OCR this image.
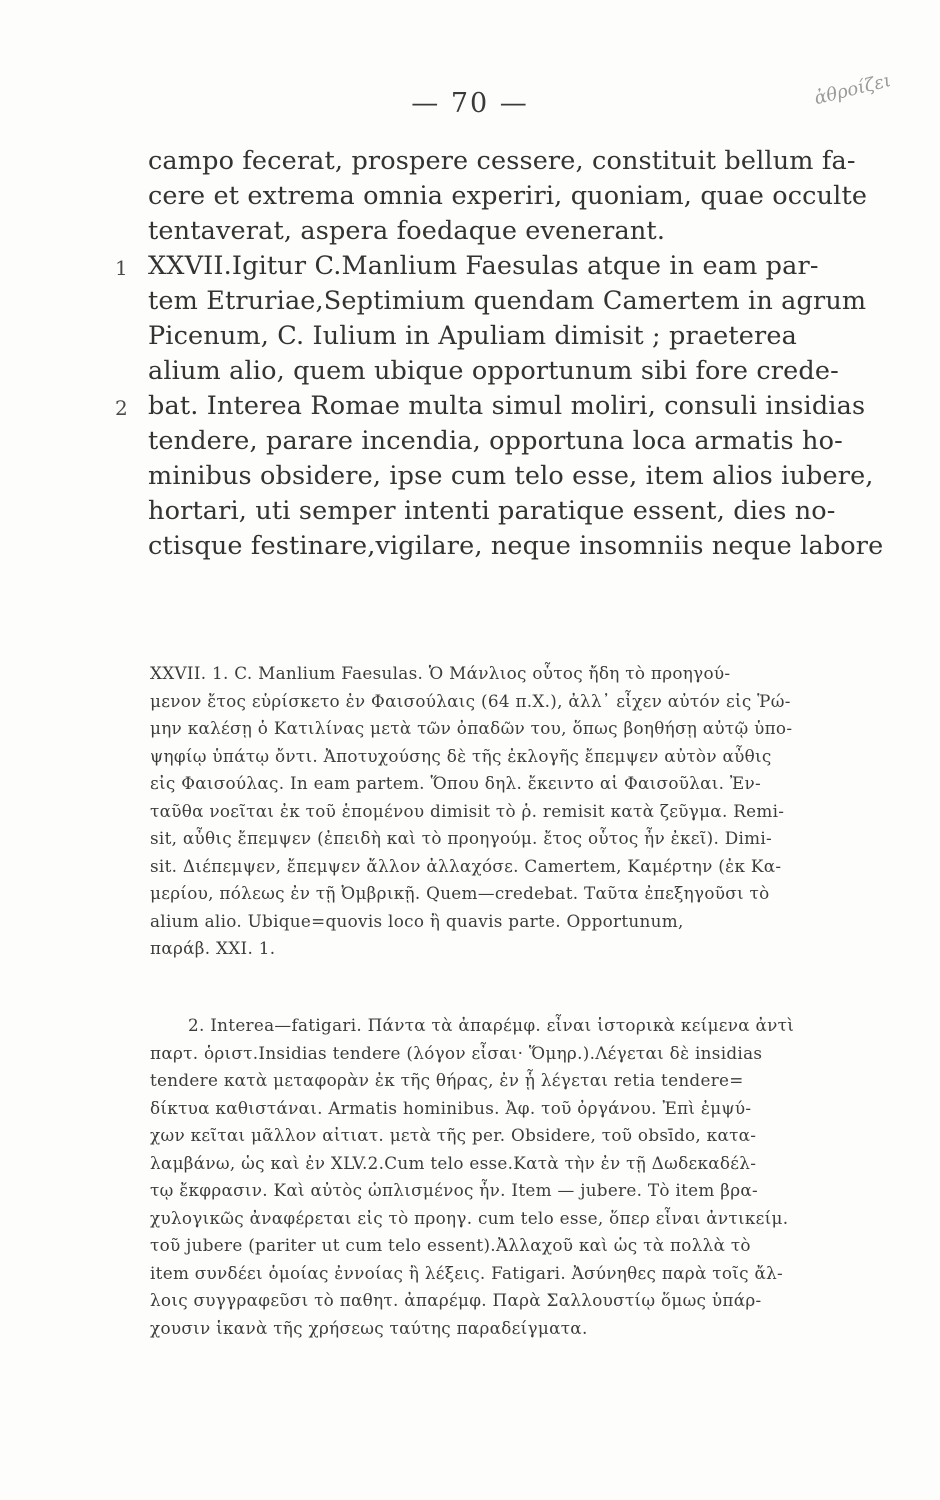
ἀθροίζει
— 70 —
campo fecerat, prospere cessere, constituit bellum fa-
cere et extrema omnia experiri, quoniam, quae occulte
tentaverat, aspera foedaque evenerant.
1 XXVII.Igitur C.Manlium Faesulas atque in eam par-
tem Etruriae,Septimium quendam Camertem in agrum
Picenum, C. Iulium in Apuliam dimisit ; praeterea
alium alio, quem ubique opportunum sibi fore crede-
2 bat. Interea Romae multa simul moliri, consuli insidias
tendere, parare incendia, opportuna loca armatis ho-
minibus obsidere, ipse cum telo esse, item alios iubere,
hortari, uti semper intenti paratique essent, dies no-
ctisque festinare,vigilare, neque insomniis neque labore
XXVII. 1. C. Manlium Faesulas. Ὁ Μάνλιος οὗτος ἤδη τὸ προηγού-
μενον ἔτος εὑρίσκετο ἐν Φαισούλαις (64 π.Χ.), ἀλλ᾽ εἶχεν αὐτόν εἰς Ῥώ-
μην καλέσῃ ὁ Κατιλίνας μετὰ τῶν ὀπαδῶν του, ὅπως βοηθήσῃ αὐτῷ ὑπο-
ψηφίῳ ὑπάτῳ ὄντι. Ἀποτυχούσης δὲ τῆς ἐκλογῆς ἔπεμψεν αὐτὸν αὖθις
εἰς Φαισούλας. In eam partem. Ὅπου δηλ. ἔκειντο αἱ Φαισοῦλαι. Ἐν-
ταῦθα νοεῖται ἐκ τοῦ ἑπομένου dimisit τὸ ῥ. remisit κατὰ ζεῦγμα. Remi-
sit, αὖθις ἔπεμψεν (ἐπειδὴ καὶ τὸ προηγούμ. ἔτος οὗτος ἦν ἐκεῖ). Dimi-
sit. Διέπεμψεν, ἔπεμψεν ἄλλον ἀλλαχόσε. Camertem, Καμέρτην (ἐκ Κα-
μερίου, πόλεως ἐν τῇ Ὀμβρικῇ. Quem—credebat. Ταῦτα ἐπεξηγοῦσι τὸ
alium alio. Ubique=quovis loco ἢ quavis parte. Opportunum,
παράβ. XXI. 1.
2. Interea—fatigari. Πάντα τὰ ἀπαρέμφ. εἶναι ἱστορικὰ κείμενα ἀντὶ
παρτ. ὁριστ.Insidias tendere (λόγον εἶσαι· Ὅμηρ.).Λέγεται δὲ insidias
tendere κατὰ μεταφορὰν ἐκ τῆς θήρας, ἐν ᾗ λέγεται retia tendere=
δίκτυα καθιστάναι. Armatis hominibus. Ἀφ. τοῦ ὀργάνου. Ἐπὶ ἐμψύ-
χων κεῖται μᾶλλον αἰτιατ. μετὰ τῆς per. Obsidere, τοῦ obsīdo, κατα-
λαμβάνω, ὡς καὶ ἐν XLV.2.Cum telo esse.Κατὰ τὴν ἐν τῇ Δωδεκαδέλ-
τῳ ἔκφρασιν. Καὶ αὐτὸς ὡπλισμένος ἦν. Item — jubere. Τὸ item βρα-
χυλογικῶς ἀναφέρεται εἰς τὸ προηγ. cum telo esse, ὅπερ εἶναι ἀντικείμ.
τοῦ jubere (pariter ut cum telo essent).Ἀλλαχοῦ καὶ ὡς τὰ πολλὰ τὸ
item συνδέει ὁμοίας ἐννοίας ἢ λέξεις. Fatigari. Ἀσύνηθες παρὰ τοῖς ἄλ-
λοις συγγραφεῦσι τὸ παθητ. ἀπαρέμφ. Παρὰ Σαλλουστίῳ ὅμως ὑπάρ-
χουσιν ἱκανὰ τῆς χρήσεως ταύτης παραδείγματα.
